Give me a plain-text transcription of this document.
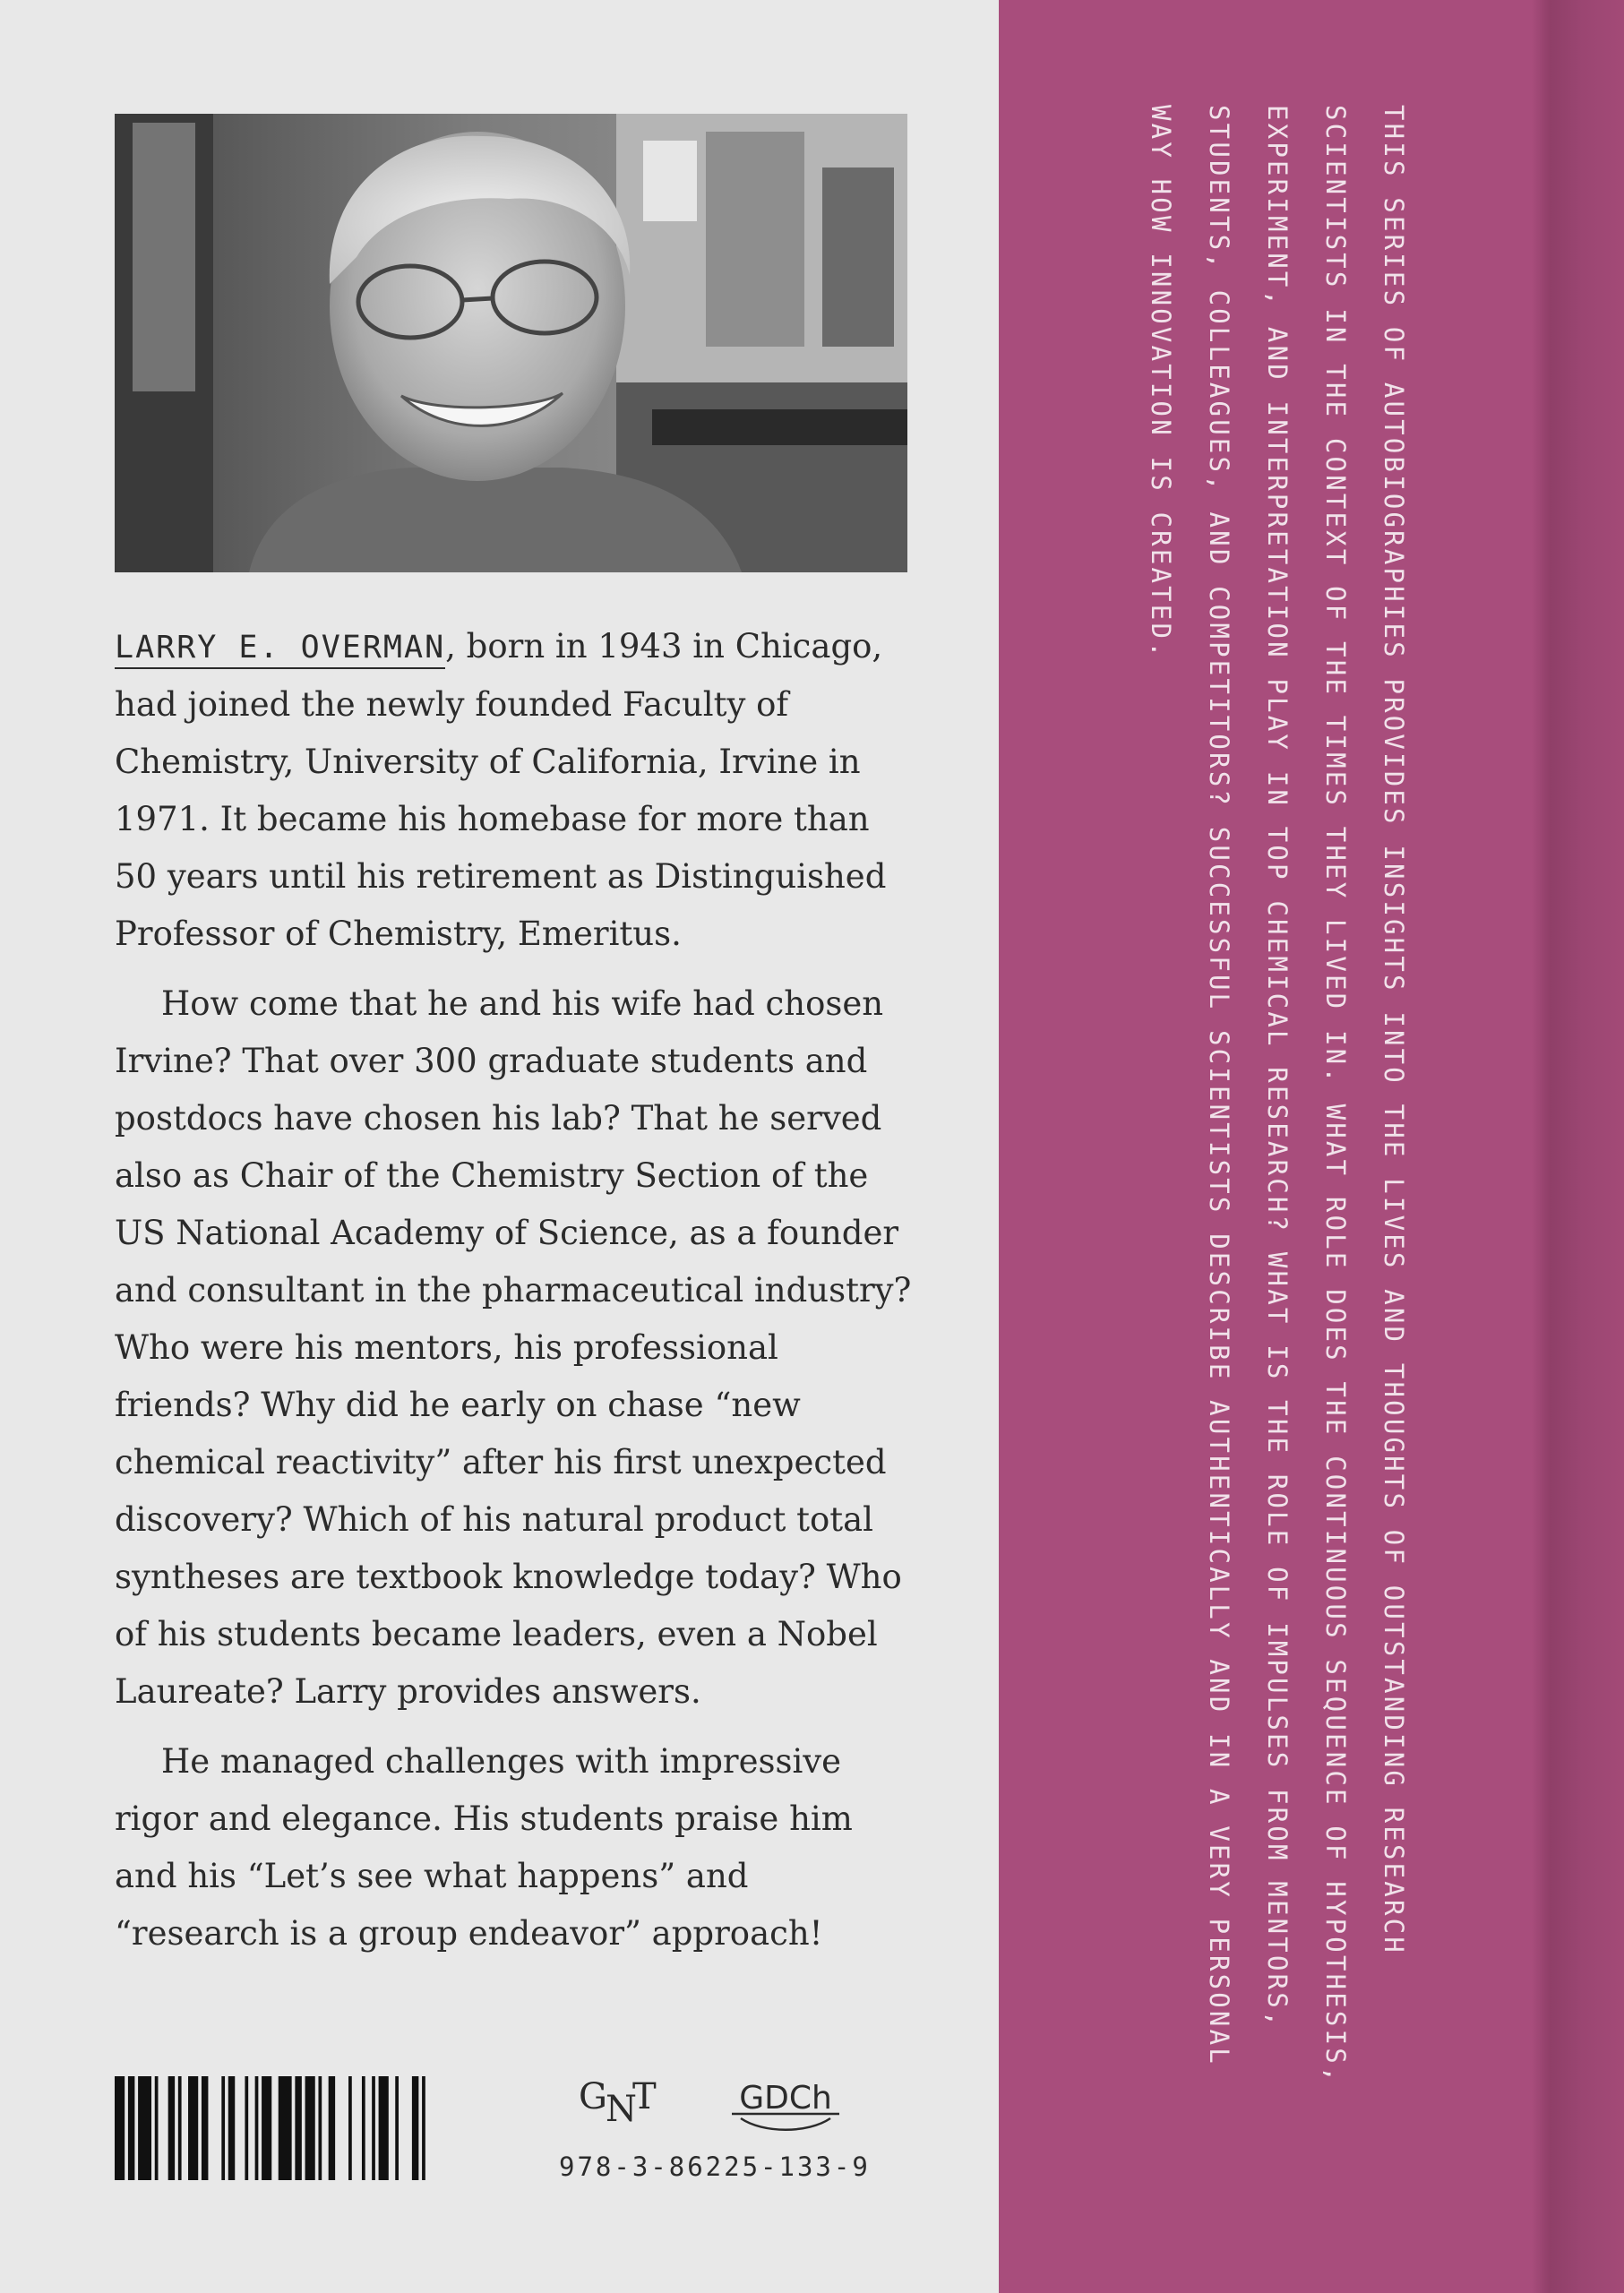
LARRY E. OVERMAN, born in 1943 in Chicago, had joined the newly founded Faculty of Chemistry, University of California, Irvine in 1971. It became his homebase for more than 50 years until his retirement as Distinguished Professor of Chemistry, Emeritus.

How come that he and his wife had chosen Irvine? That over 300 graduate students and postdocs have chosen his lab? That he served also as Chair of the Chemistry Section of the US National Academy of Science, as a founder and consultant in the pharmaceutical industry? Who were his mentors, his professional friends? Why did he early on chase “new chemical reactivity” after his first unexpected discovery? Which of his natural product total syntheses are textbook knowledge today? Who of his students became leaders, even a Nobel Laureate? Larry provides answers.

He managed challenges with impressive rigor and elegance. His students praise him and his “Let’s see what happens” and “research is a group endeavor” approach!

G
N
T	GDCh
978-3-86225-133-9

THIS SERIES OF AUTOBIOGRAPHIES PROVIDES INSIGHTS INTO THE LIVES AND THOUGHTS OF OUTSTANDING RESEARCH SCIENTISTS IN THE CONTEXT OF THE TIMES THEY LIVED IN. WHAT ROLE DOES THE CONTINUOUS SEQUENCE OF HYPOTHESIS, EXPERIMENT, AND INTERPRETATION PLAY IN TOP CHEMICAL RESEARCH? WHAT IS THE ROLE OF IMPULSES FROM MENTORS, STUDENTS, COLLEAGUES, AND COMPETITORS? SUCCESSFUL SCIENTISTS DESCRIBE AUTHENTICALLY AND IN A VERY PERSONAL WAY HOW INNOVATION IS CREATED.
